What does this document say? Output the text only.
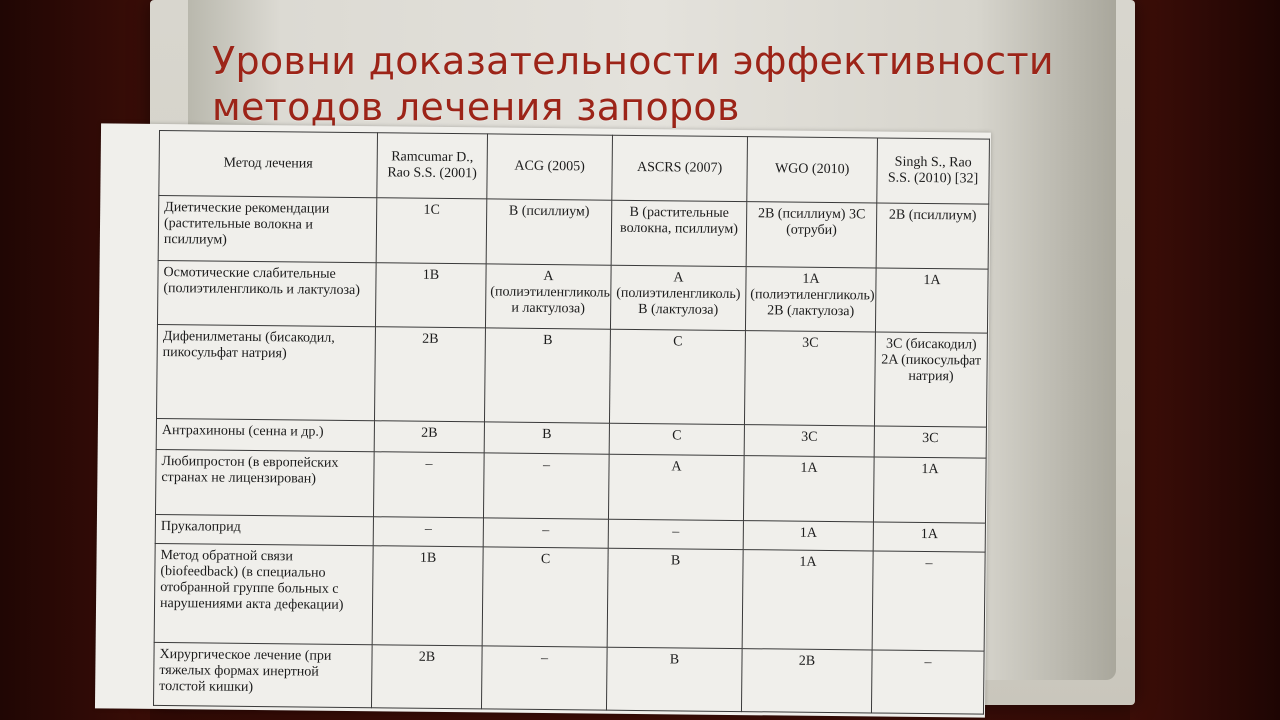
Уровни доказательности эффективности
методов лечения запоров
Метод лечения	Ramcumar D., Rao S.S. (2001)	ACG (2005)	ASCRS (2007)	WGO (2010)	Singh S., Rao S.S. (2010) [32]
Диетические рекомендации (растительные волокна и псиллиум)	1C	B (псиллиум)	B (растительные волокна, псиллиум)	2B (псиллиум) 3C (отруби)	2B (псиллиум)
Осмотические слабительные (полиэтиленгликоль и лактулоза)	1B	A (полиэтиленгликоль и лактулоза)	A (полиэтиленгликоль) B (лактулоза)	1A (полиэтиленгликоль) 2B (лактулоза)	1A
Дифенилметаны (бисакодил, пикосульфат натрия)	2B	B	C	3C	3C (бисакодил) 2A (пикосульфат натрия)
Антрахиноны (сенна и др.)	2B	B	C	3C	3C
Любипростон (в европейских странах не лицензирован)	–	–	A	1A	1A
Прукалоприд	–	–	–	1A	1A
Метод обратной связи (biofeedback) (в специально отобранной группе больных с нарушениями акта дефекации)	1B	C	B	1A	–
Хирургическое лечение (при тяжелых формах инертной толстой кишки)	2B	–	B	2B	–
